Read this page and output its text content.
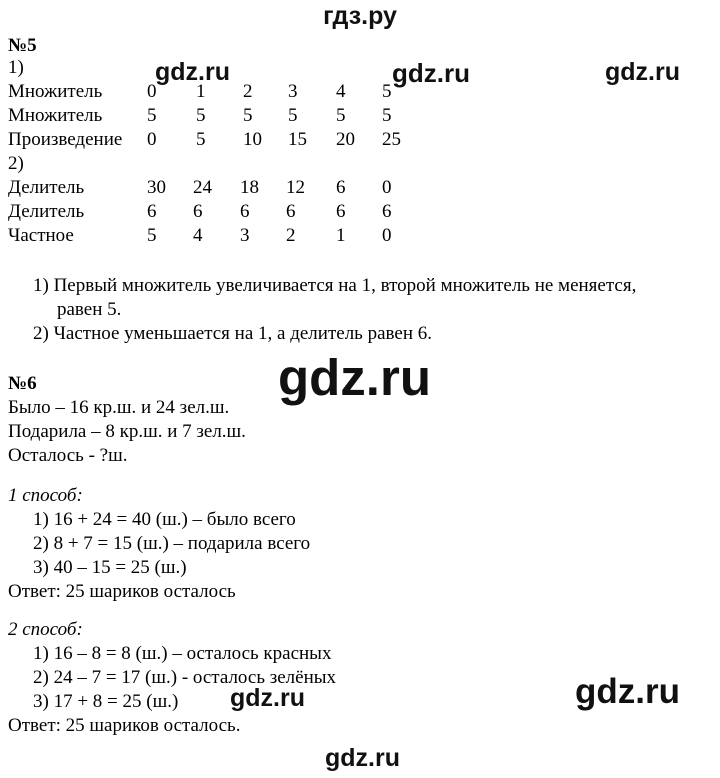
гдз.ру
№5
1)
Множитель 0 1 2 3 4 5
Множитель 5 5 5 5 5 5
Произведение 0 5 10 15 20 25
2)
Делитель	30 24 18 12 6 0
Делитель	6 6 6 6 6 6
Частное	5 4 3 2 1 0
1) Первый множитель увеличивается на 1, второй множитель не меняется,
равен 5.
2) Частное уменьшается на 1, а делитель равен 6.
№6
Было – 16 кр.ш. и 24 зел.ш.
Подарила – 8 кр.ш. и 7 зел.ш.
Осталось - ?ш.
1 способ:
1) 16 + 24 = 40 (ш.) – было всего
2) 8 + 7 = 15 (ш.) – подарила всего
3) 40 – 15 = 25 (ш.)
Ответ: 25 шариков осталось
2 способ:
1) 16 – 8 = 8 (ш.) – осталось красных
2) 24 – 7 = 17 (ш.) - осталось зелёных
3) 17 + 8 = 25 (ш.)
Ответ: 25 шариков осталось.
gdz.ru	gdz.ru	gdz.ru
gdz.ru
gdz.ru	gdz.ru
gdz.ru
